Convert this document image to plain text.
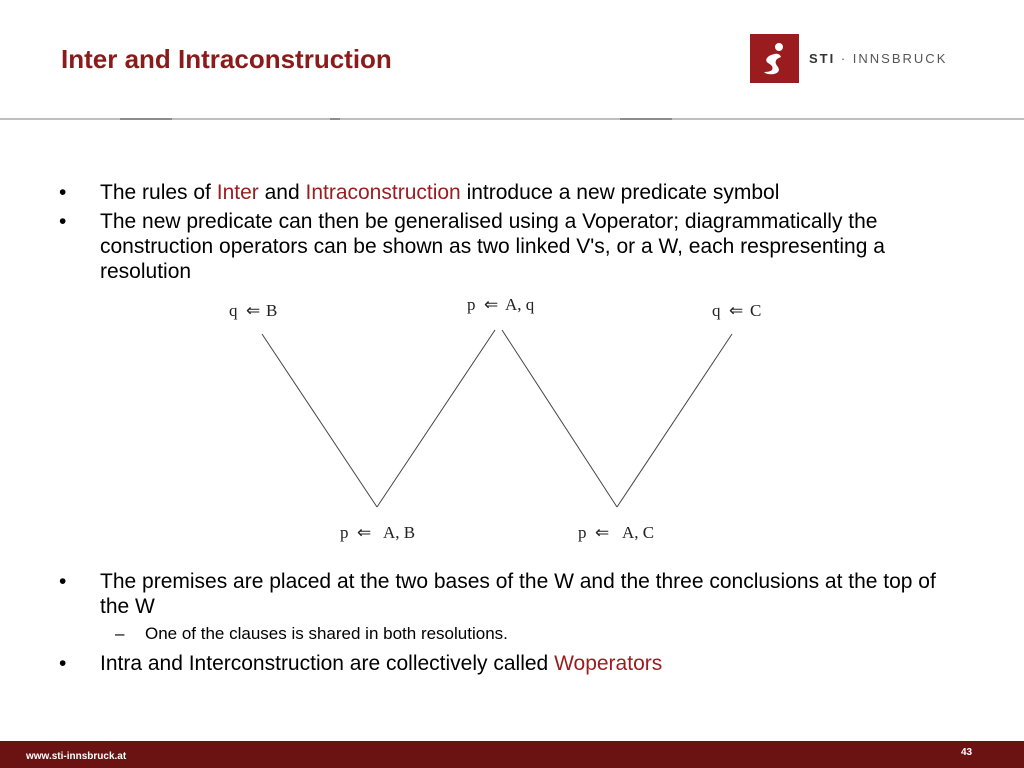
Inter and Intraconstruction	STI · INNSBRUCK
• The rules of Inter and Intraconstruction introduce a new predicate symbol
• The new predicate can then be generalised using a Voperator; diagrammatically the construction operators can be shown as two linked V's, or a W, each respresenting a resolution
• The premises are placed at the two bases of the W and the three conclusions at the top of the W
– One of the clauses is shared in both resolutions.
• Intra and Interconstruction are collectively called Woperators
q ⇐ B	p ⇐ A, q	q ⇐ C
p ⇐ A, B	p ⇐ A, C
www.sti-innsbruck.at	43
